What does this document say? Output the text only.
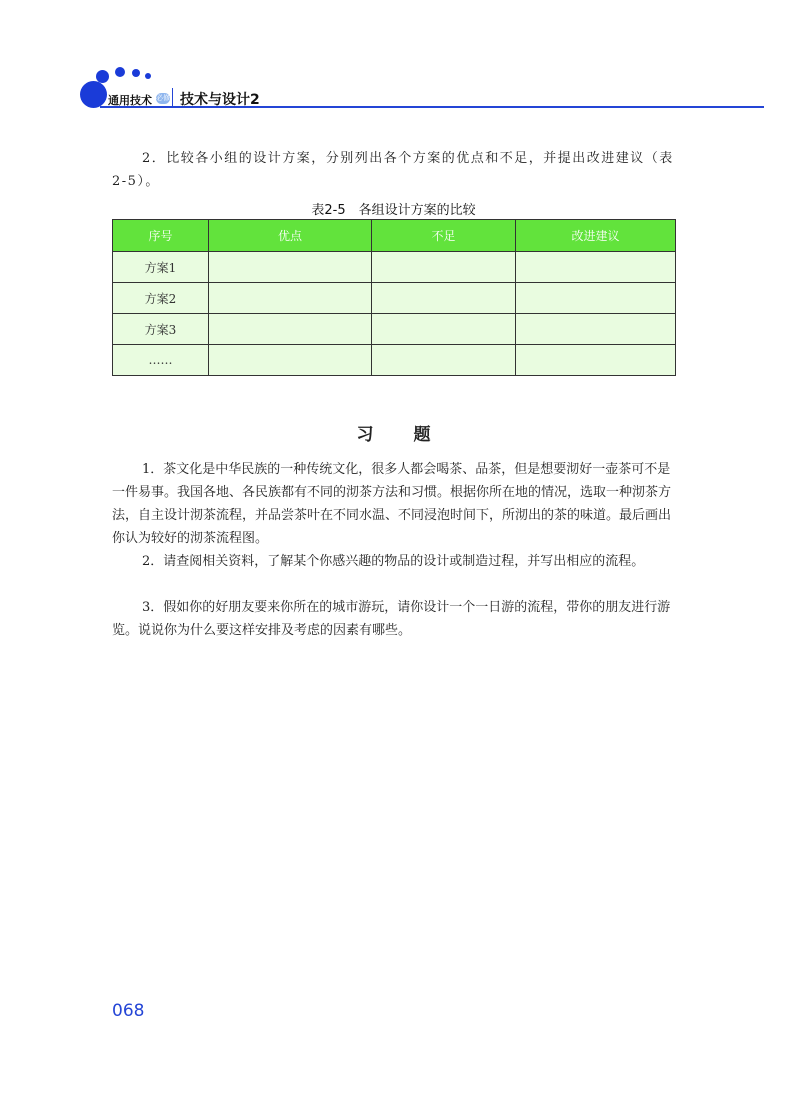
通用技术 必修 技术与设计2
2．比较各小组的设计方案，分别列出各个方案的优点和不足，并提出改进建议（表2-5）。
表2-5　各组设计方案的比较
序号	优点	不足	改进建议
方案1			
方案2			
方案3			
……			
习题
1．茶文化是中华民族的一种传统文化，很多人都会喝茶、品茶，但是想要沏好一壶茶可不是一件易事。我国各地、各民族都有不同的沏茶方法和习惯。根据你所在地的情况，选取一种沏茶方法，自主设计沏茶流程，并品尝茶叶在不同水温、不同浸泡时间下，所沏出的茶的味道。最后画出你认为较好的沏茶流程图。
2．请查阅相关资料，了解某个你感兴趣的物品的设计或制造过程，并写出相应的流程。
3．假如你的好朋友要来你所在的城市游玩，请你设计一个一日游的流程，带你的朋友进行游览。说说你为什么要这样安排及考虑的因素有哪些。
068
